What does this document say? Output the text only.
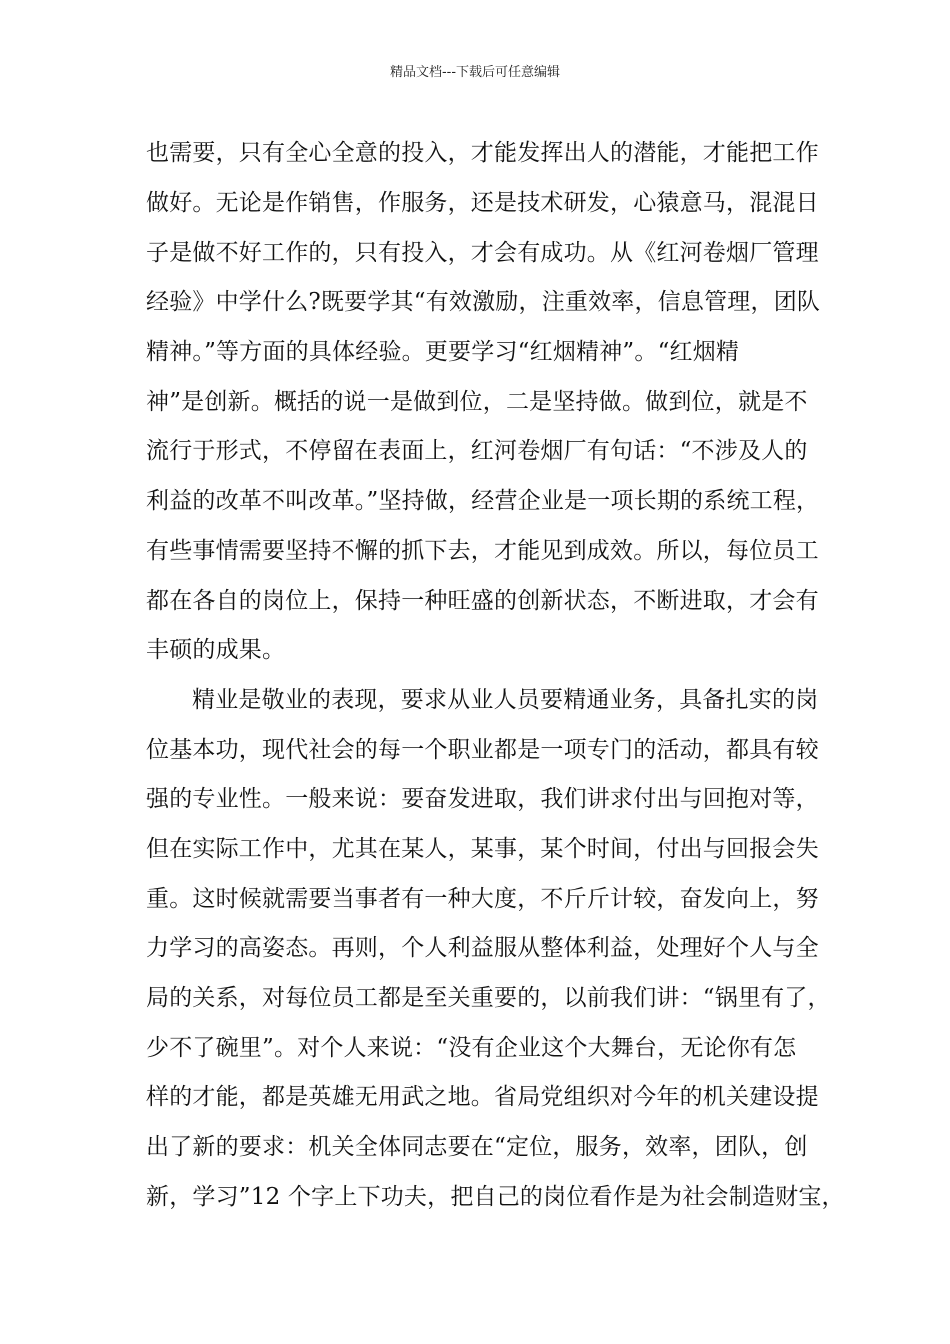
精品文档---下载后可任意编辑
也需要，只有全心全意的投入，才能发挥出人的潜能，才能把工作
做好。无论是作销售，作服务，还是技术研发，心猿意马，混混日
子是做不好工作的，只有投入，才会有成功。从《红河卷烟厂管理
经验》中学什么?既要学其“有效激励，注重效率，信息管理，团队
精神。”等方面的具体经验。更要学习“红烟精神”。“红烟精
神”是创新。概括的说一是做到位，二是坚持做。做到位，就是不
流行于形式，不停留在表面上，红河卷烟厂有句话：“不涉及人的
利益的改革不叫改革。”坚持做，经营企业是一项长期的系统工程，
有些事情需要坚持不懈的抓下去，才能见到成效。所以，每位员工
都在各自的岗位上，保持一种旺盛的创新状态，不断进取，才会有
丰硕的成果。
精业是敬业的表现，要求从业人员要精通业务，具备扎实的岗
位基本功，现代社会的每一个职业都是一项专门的活动，都具有较
强的专业性。一般来说：要奋发进取，我们讲求付出与回抱对等，
但在实际工作中，尤其在某人，某事，某个时间，付出与回报会失
重。这时候就需要当事者有一种大度，不斤斤计较，奋发向上，努
力学习的高姿态。再则，个人利益服从整体利益，处理好个人与全
局的关系，对每位员工都是至关重要的，以前我们讲：“锅里有了，
少不了碗里”。对个人来说：“没有企业这个大舞台，无论你有怎
样的才能，都是英雄无用武之地。省局党组织对今年的机关建设提
出了新的要求：机关全体同志要在“定位，服务，效率，团队，创
新，学习”12 个字上下功夫，把自己的岗位看作是为社会制造财宝，
